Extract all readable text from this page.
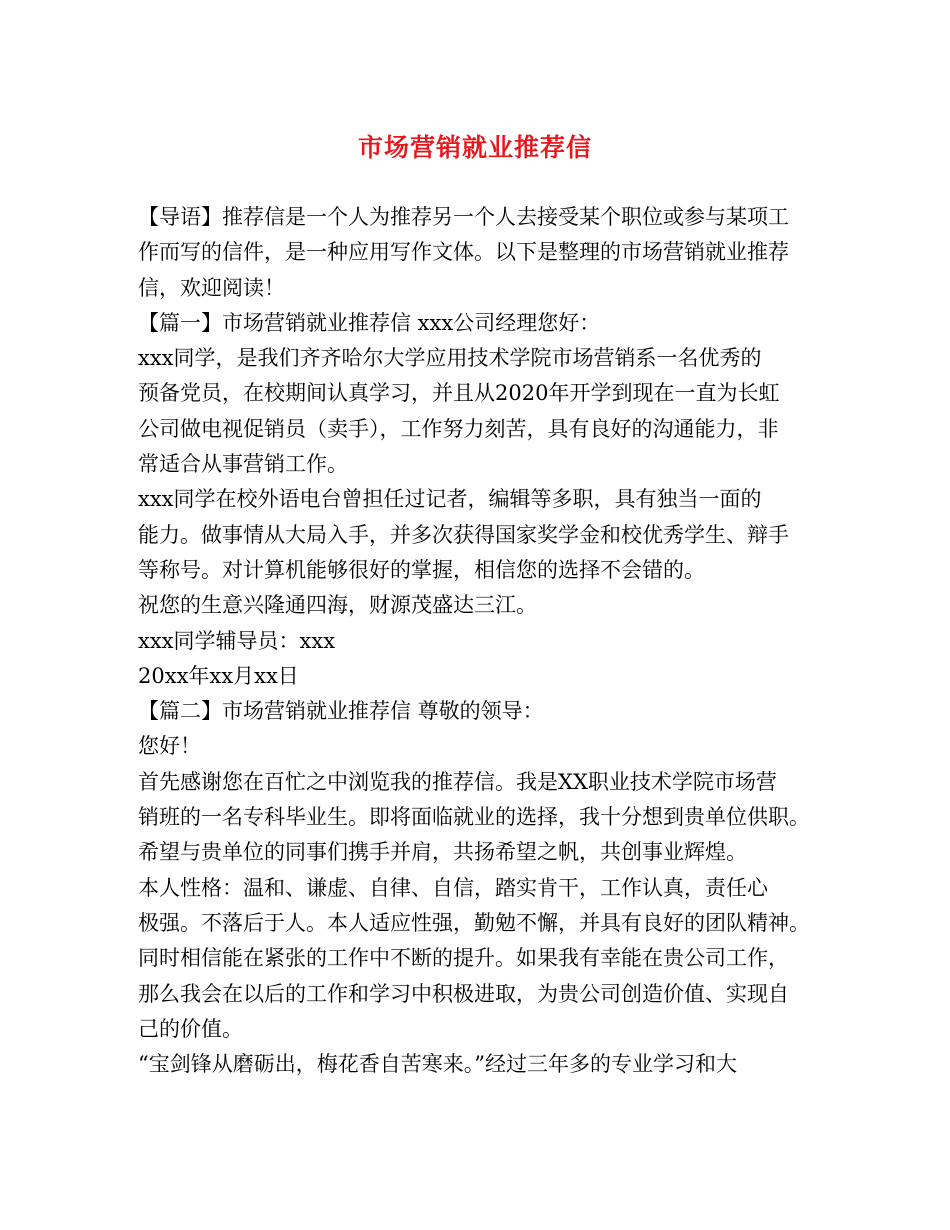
市场营销就业推荐信
【导语】推荐信是一个人为推荐另一个人去接受某个职位或参与某项工
作而写的信件，是一种应用写作文体。以下是整理的市场营销就业推荐
信，欢迎阅读！
【篇一】市场营销就业推荐信 xxx公司经理您好：
xxx同学，是我们齐齐哈尔大学应用技术学院市场营销系一名优秀的
预备党员，在校期间认真学习，并且从2020年开学到现在一直为长虹
公司做电视促销员（卖手），工作努力刻苦，具有良好的沟通能力，非
常适合从事营销工作。
xxx同学在校外语电台曾担任过记者，编辑等多职，具有独当一面的
能力。做事情从大局入手，并多次获得国家奖学金和校优秀学生、辩手
等称号。对计算机能够很好的掌握，相信您的选择不会错的。
祝您的生意兴隆通四海，财源茂盛达三江。
xxx同学辅导员：xxx
20xx年xx月xx日
【篇二】市场营销就业推荐信 尊敬的领导：
您好！
首先感谢您在百忙之中浏览我的推荐信。我是XX职业技术学院市场营
销班的一名专科毕业生。即将面临就业的选择，我十分想到贵单位供职。
希望与贵单位的同事们携手并肩，共扬希望之帆，共创事业辉煌。
本人性格：温和、谦虚、自律、自信，踏实肯干，工作认真，责任心
极强。不落后于人。本人适应性强，勤勉不懈，并具有良好的团队精神。
同时相信能在紧张的工作中不断的提升。如果我有幸能在贵公司工作，
那么我会在以后的工作和学习中积极进取，为贵公司创造价值、实现自
己的价值。
“宝剑锋从磨砺出，梅花香自苦寒来。”经过三年多的专业学习和大
